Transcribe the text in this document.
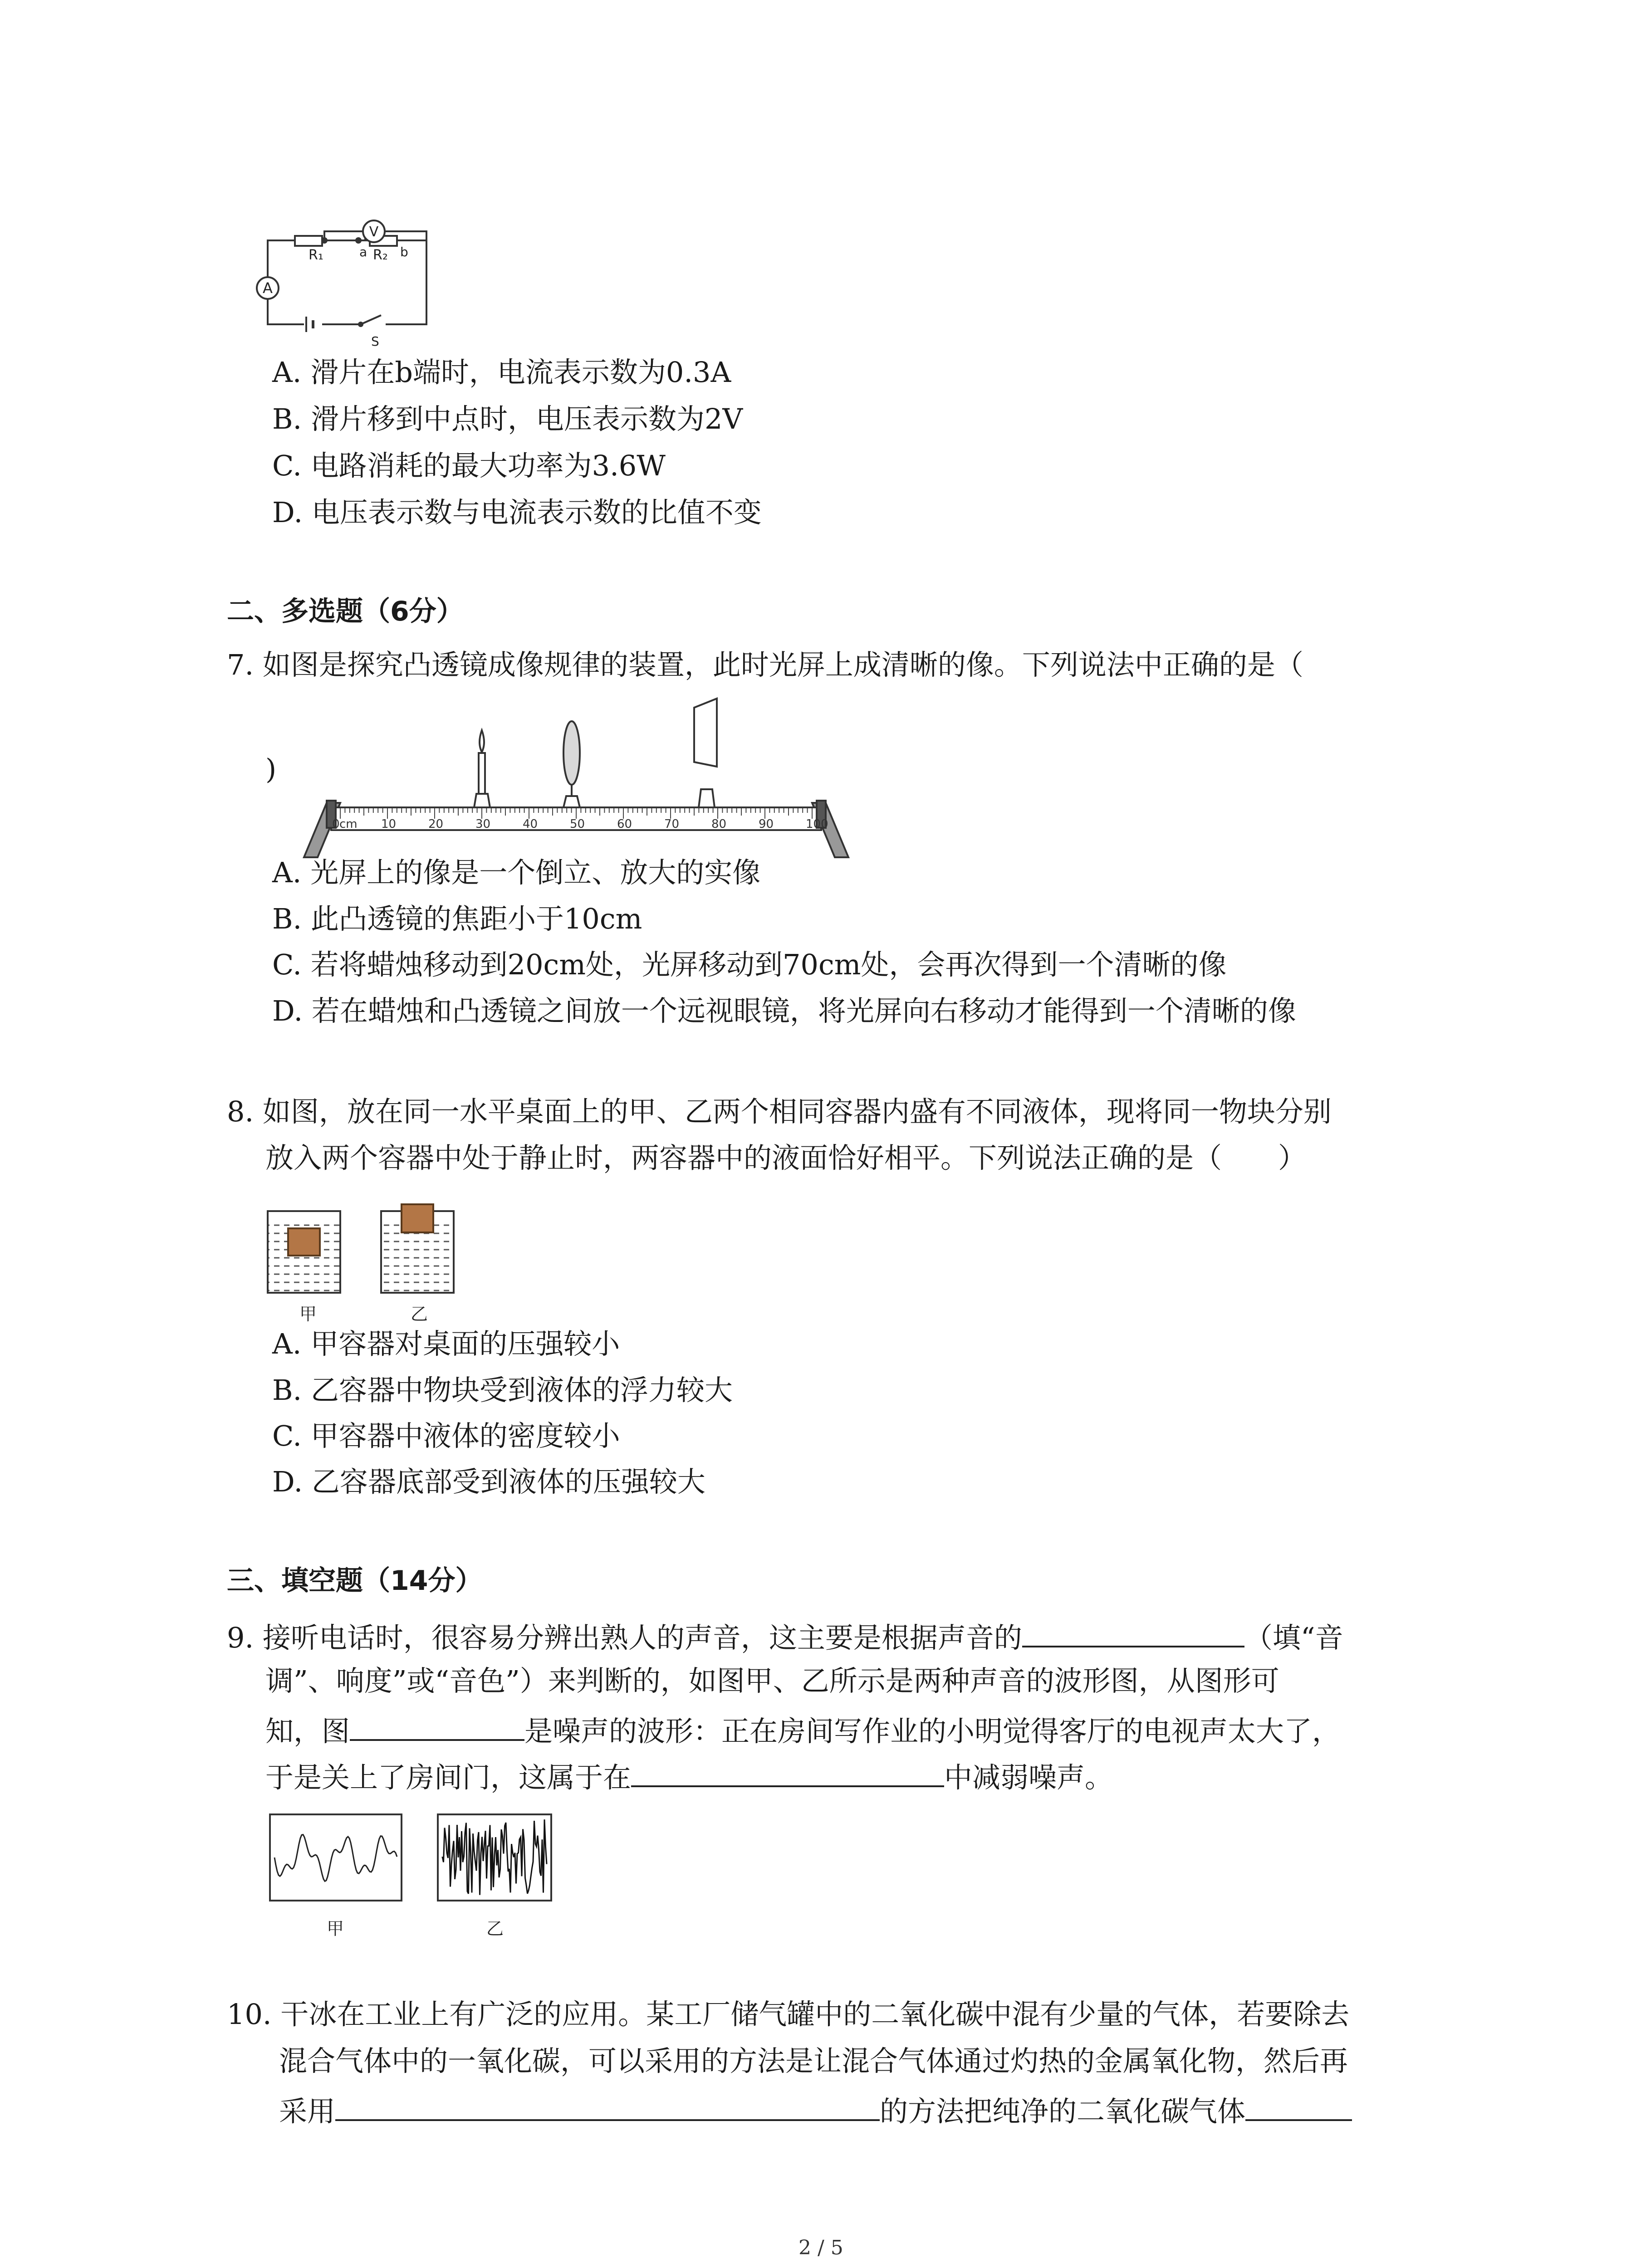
A
V
R₁	R₂
a	b
S
A. 滑片在b端时，电流表示数为0.3A
B. 滑片移到中点时，电压表示数为2V
C. 电路消耗的最大功率为3.6W
D. 电压表示数与电流表示数的比值不变
二、多选题（6分）
7. 如图是探究凸透镜成像规律的装置，此时光屏上成清晰的像。下列说法中正确的是（
)
cm
0	10	20	30	40	50	60	70	80	90	100
A. 光屏上的像是一个倒立、放大的实像
B. 此凸透镜的焦距小于10cm
C. 若将蜡烛移动到20cm处，光屏移动到70cm处，会再次得到一个清晰的像
D. 若在蜡烛和凸透镜之间放一个远视眼镜，将光屏向右移动才能得到一个清晰的像
8. 如图，放在同一水平桌面上的甲、乙两个相同容器内盛有不同液体，现将同一物块分别
放入两个容器中处于静止时，两容器中的液面恰好相平。下列说法正确的是（　　）
甲	乙
A. 甲容器对桌面的压强较小
B. 乙容器中物块受到液体的浮力较大
C. 甲容器中液体的密度较小
D. 乙容器底部受到液体的压强较大
三、填空题（14分）
9. 接听电话时，很容易分辨出熟人的声音，这主要是根据声音的	（填“音
调”、响度”或“音色”）来判断的，如图甲、乙所示是两种声音的波形图，从图形可
知，图	是噪声的波形：正在房间写作业的小明觉得客厅的电视声太大了，
于是关上了房间门，这属于在	中减弱噪声。
甲	乙
10. 干冰在工业上有广泛的应用。某工厂储气罐中的二氧化碳中混有少量的气体，若要除去
混合气体中的一氧化碳，可以采用的方法是让混合气体通过灼热的金属氧化物，然后再
采用	的方法把纯净的二氧化碳气体
2 / 5
